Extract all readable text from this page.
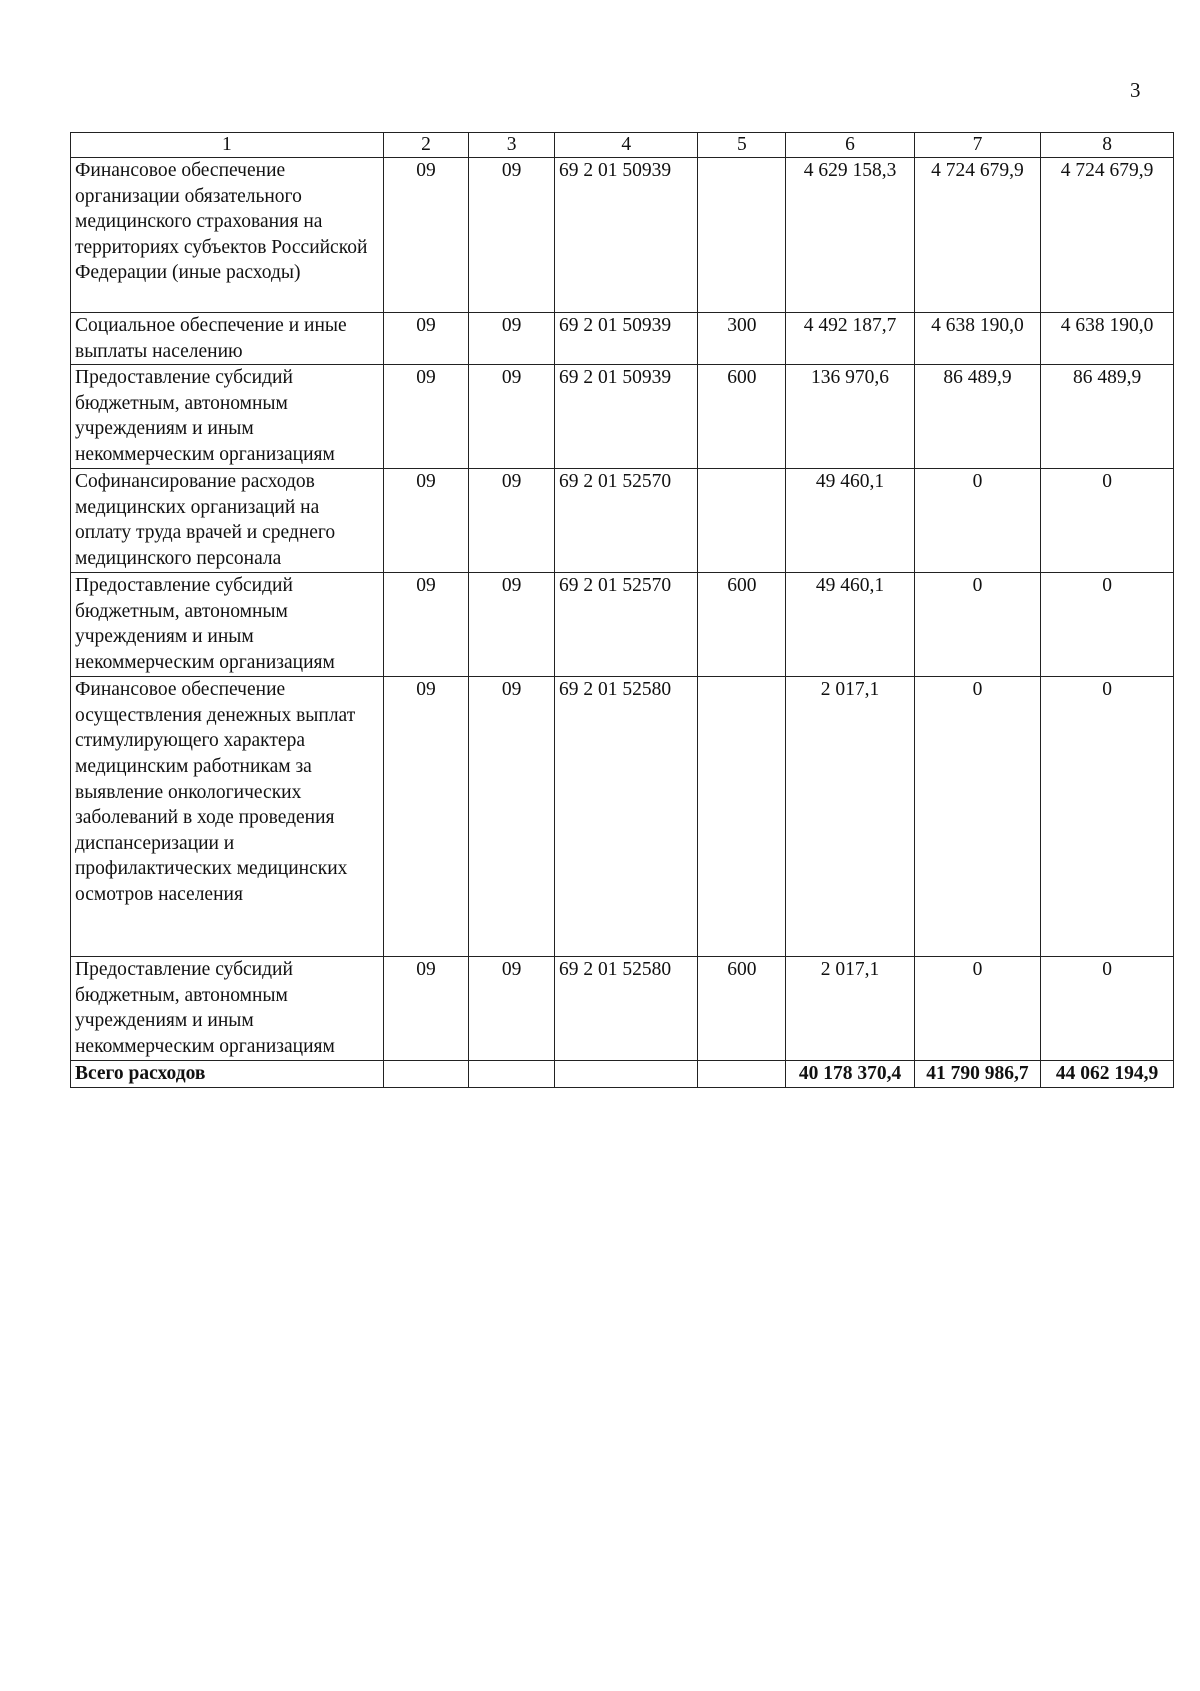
3
1	2	3	4	5	6	7	8
Финансовое обеспечение организации обязательного медицинского страхования на территориях субъектов Российской Федерации (иные расходы)	09	09	69 2 01 50939		4 629 158,3	4 724 679,9	4 724 679,9
Социальное обеспечение и иные выплаты населению	09	09	69 2 01 50939	300	4 492 187,7	4 638 190,0	4 638 190,0
Предоставление субсидий бюджетным, автономным учреждениям и иным некоммерческим организациям	09	09	69 2 01 50939	600	136 970,6	86 489,9	86 489,9
Софинансирование расходов медицинских организаций на оплату труда врачей и среднего медицинского персонала	09	09	69 2 01 52570		49 460,1	0	0
Предоставление субсидий бюджетным, автономным учреждениям и иным некоммерческим организациям	09	09	69 2 01 52570	600	49 460,1	0	0
Финансовое обеспечение осуществления денежных выплат стимулирующего характера медицинским работникам за выявление онкологических заболеваний в ходе проведения диспансеризации и профилактических медицинских осмотров населения	09	09	69 2 01 52580		2 017,1	0	0
Предоставление субсидий бюджетным, автономным учреждениям и иным некоммерческим организациям	09	09	69 2 01 52580	600	2 017,1	0	0
Всего расходов					40 178 370,4	41 790 986,7	44 062 194,9
